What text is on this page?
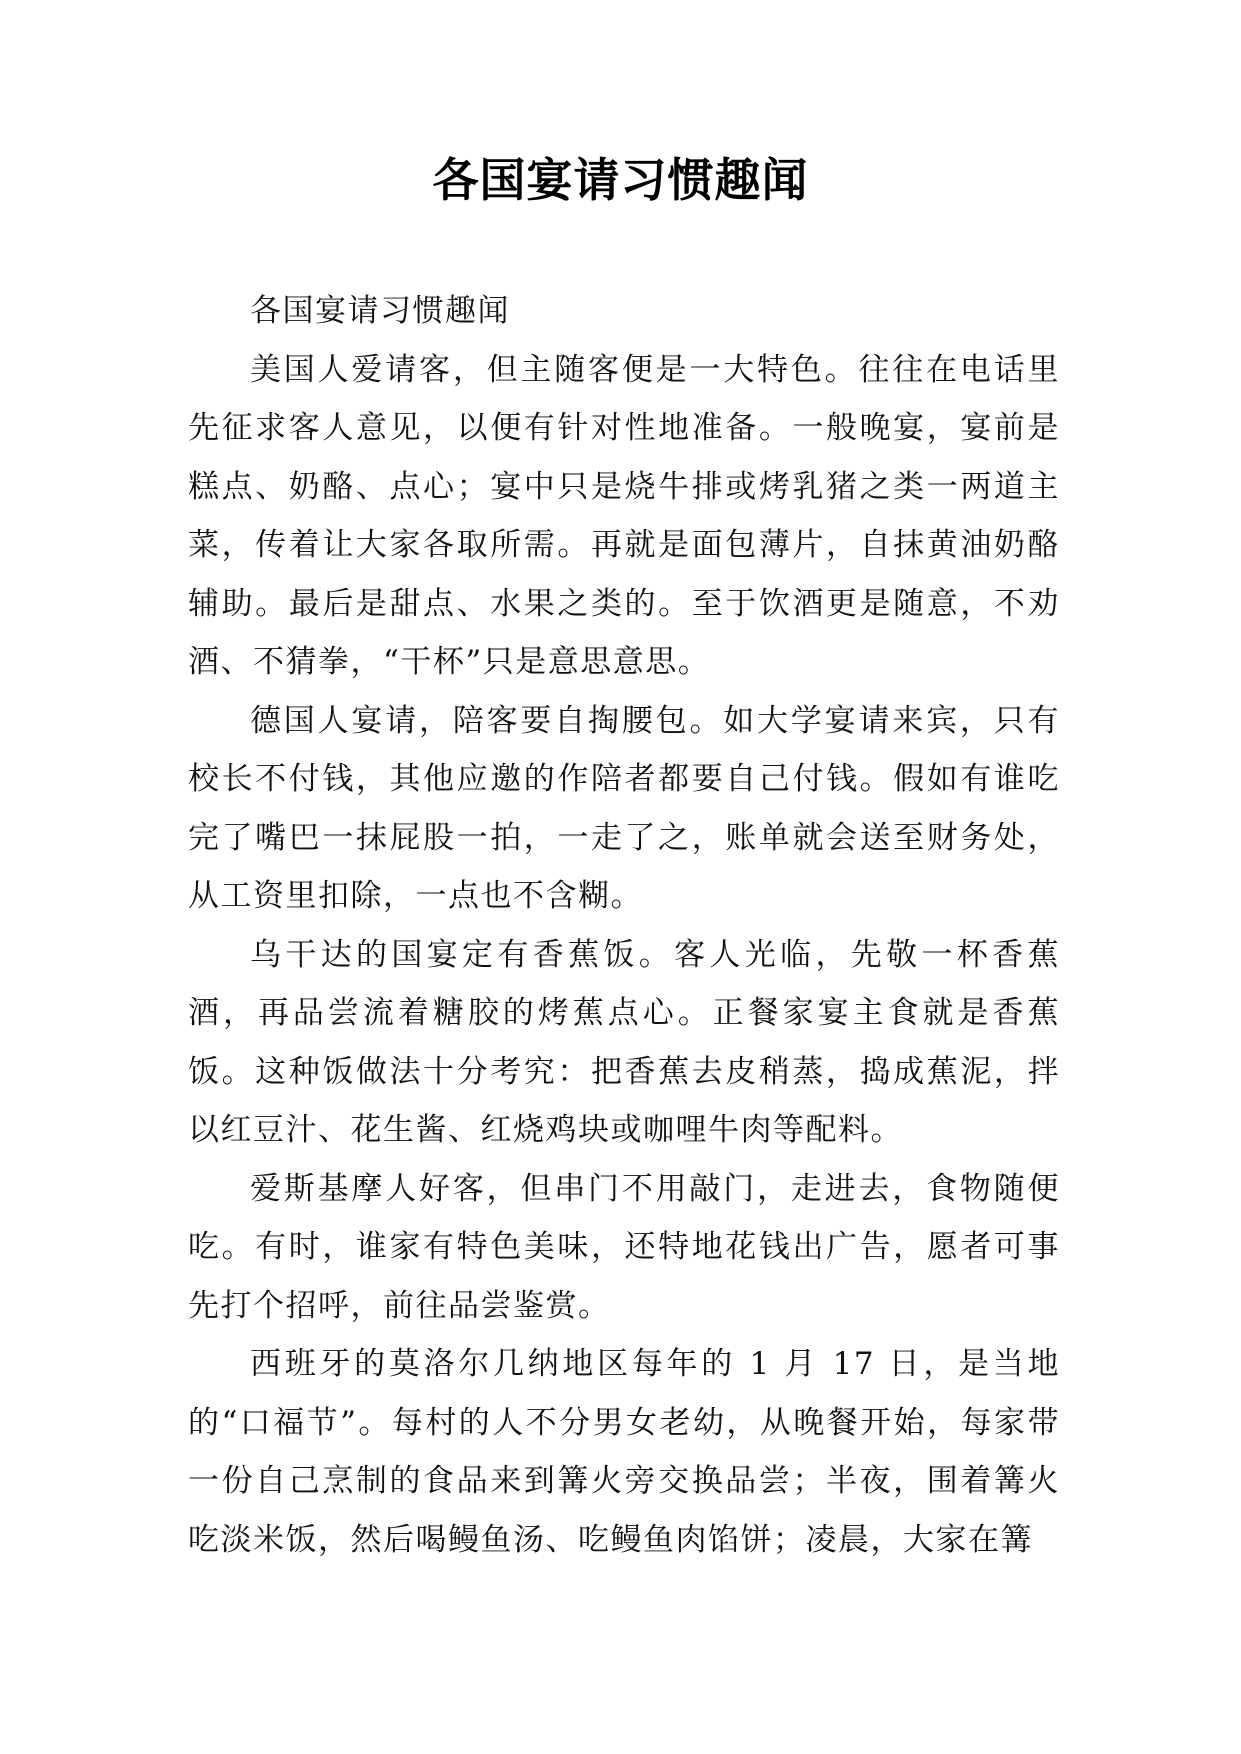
各国宴请习惯趣闻

各国宴请习惯趣闻

美国人爱请客，但主随客便是一大特色。往往在电话里先征求客人意见，以便有针对性地准备。一般晚宴，宴前是糕点、奶酪、点心；宴中只是烧牛排或烤乳猪之类一两道主菜，传着让大家各取所需。再就是面包薄片，自抹黄油奶酪辅助。最后是甜点、水果之类的。至于饮酒更是随意，不劝酒、不猜拳，“干杯”只是意思意思。

德国人宴请，陪客要自掏腰包。如大学宴请来宾，只有校长不付钱，其他应邀的作陪者都要自己付钱。假如有谁吃完了嘴巴一抹屁股一拍，一走了之，账单就会送至财务处，从工资里扣除，一点也不含糊。

乌干达的国宴定有香蕉饭。客人光临，先敬一杯香蕉酒，再品尝流着糖胶的烤蕉点心。正餐家宴主食就是香蕉饭。这种饭做法十分考究：把香蕉去皮稍蒸，捣成蕉泥，拌以红豆汁、花生酱、红烧鸡块或咖哩牛肉等配料。

爱斯基摩人好客，但串门不用敲门，走进去，食物随便吃。有时，谁家有特色美味，还特地花钱出广告，愿者可事先打个招呼，前往品尝鉴赏。

西班牙的莫洛尔几纳地区每年的 1 月 17 日，是当地的“口福节”。每村的人不分男女老幼，从晚餐开始，每家带一份自己烹制的食品来到篝火旁交换品尝；半夜，围着篝火吃淡米饭，然后喝鳗鱼汤、吃鳗鱼肉馅饼；凌晨，大家在篝
